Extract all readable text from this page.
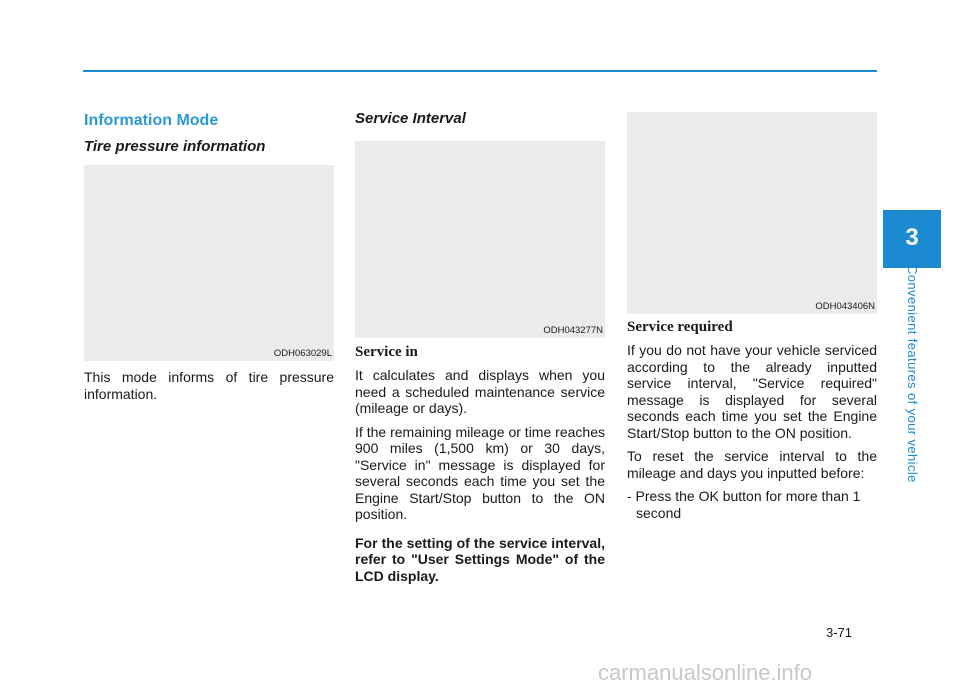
Information Mode
Tire pressure information
ODH063029L

This mode informs of tire pressure information.

Service Interval
ODH043277N
Service in

It calculates and displays when you need a scheduled maintenance service (mileage or days).

If the remaining mileage or time reaches 900 miles (1,500 km) or 30 days, "Service in" message is displayed for several seconds each time you set the Engine Start/Stop button to the ON position.

For the setting of the service interval, refer to "User Settings Mode" of the LCD display.

ODH043406N
Service required

If you do not have your vehicle serviced according to the already inputted service interval, "Service required" message is displayed for several seconds each time you set the Engine Start/Stop button to the ON position.

To reset the service interval to the mileage and days you inputted before:

- Press the OK button for more than 1 second

3
Convenient features of your vehicle
3-71
carmanualsonline.info
